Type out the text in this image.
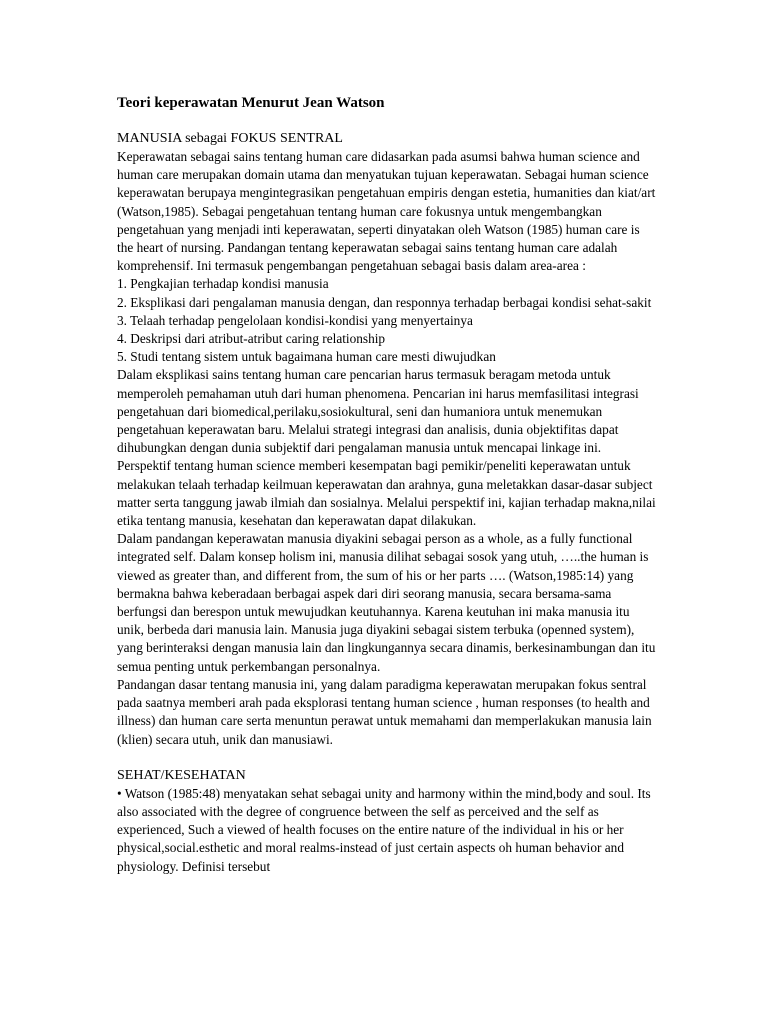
Teori keperawatan Menurut Jean Watson
MANUSIA sebagai FOKUS SENTRAL

Keperawatan sebagai sains tentang human care didasarkan pada asumsi bahwa human science and human care merupakan domain utama dan menyatukan tujuan keperawatan. Sebagai human science keperawatan berupaya mengintegrasikan pengetahuan empiris dengan estetia, humanities dan kiat/art (Watson,1985). Sebagai pengetahuan tentang human care fokusnya untuk mengembangkan pengetahuan yang menjadi inti keperawatan, seperti dinyatakan oleh Watson (1985) human care is the heart of nursing. Pandangan tentang keperawatan sebagai sains tentang human care adalah komprehensif. Ini termasuk pengembangan pengetahuan sebagai basis dalam area-area :

1. Pengkajian terhadap kondisi manusia
2. Eksplikasi dari pengalaman manusia dengan, dan responnya terhadap berbagai kondisi sehat-sakit
3. Telaah terhadap pengelolaan kondisi-kondisi yang menyertainya
4. Deskripsi dari atribut-atribut caring relationship
5. Studi tentang sistem untuk bagaimana human care mesti diwujudkan

Dalam eksplikasi sains tentang human care pencarian harus termasuk beragam metoda untuk memperoleh pemahaman utuh dari human phenomena. Pencarian ini harus memfasilitasi integrasi pengetahuan dari biomedical,perilaku,sosiokultural, seni dan humaniora untuk menemukan pengetahuan keperawatan baru. Melalui strategi integrasi dan analisis, dunia objektifitas dapat dihubungkan dengan dunia subjektif dari pengalaman manusia untuk mencapai linkage ini. Perspektif tentang human science memberi kesempatan bagi pemikir/peneliti keperawatan untuk melakukan telaah terhadap keilmuan keperawatan dan arahnya, guna meletakkan dasar-dasar subject matter serta tanggung jawab ilmiah dan sosialnya. Melalui perspektif ini, kajian terhadap makna,nilai etika tentang manusia, kesehatan dan keperawatan dapat dilakukan.

Dalam pandangan keperawatan manusia diyakini sebagai person as a whole, as a fully functional integrated self. Dalam konsep holism ini, manusia dilihat sebagai sosok yang utuh, …..the human is viewed as greater than, and different from, the sum of his or her parts …. (Watson,1985:14) yang bermakna bahwa keberadaan berbagai aspek dari diri seorang manusia, secara bersama-sama berfungsi dan berespon untuk mewujudkan keutuhannya. Karena keutuhan ini maka manusia itu unik, berbeda dari manusia lain. Manusia juga diyakini sebagai sistem terbuka (openned system), yang berinteraksi dengan manusia lain dan lingkungannya secara dinamis, berkesinambungan dan itu semua penting untuk perkembangan personalnya.

Pandangan dasar tentang manusia ini, yang dalam paradigma keperawatan merupakan fokus sentral pada saatnya memberi arah pada eksplorasi tentang human science , human responses (to health and illness) dan human care serta menuntun perawat untuk memahami dan memperlakukan manusia lain (klien) secara utuh, unik dan manusiawi.

SEHAT/KESEHATAN

• Watson (1985:48) menyatakan sehat sebagai unity and harmony within the mind,body and soul. Its also associated with the degree of congruence between the self as perceived and the self as experienced, Such a viewed of health focuses on the entire nature of the individual in his or her physical,social.esthetic and moral realms-instead of just certain aspects oh human behavior and physiology. Definisi tersebut
